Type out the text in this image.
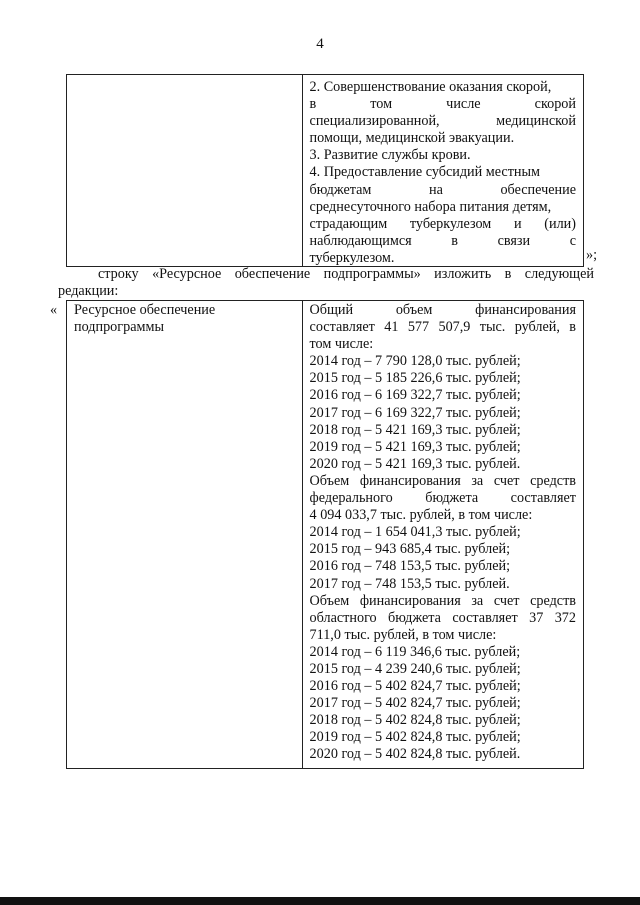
4
2. Совершенствование оказания скорой,
в том числе скорой
специализированной, медицинской
помощи, медицинской эвакуации.
3. Развитие службы крови.
4. Предоставление субсидий местным
бюджетам на обеспечение
среднесуточного набора питания детям,
страдающим туберкулезом и (или)
наблюдающимся в связи с
туберкулезом.	»;
строку «Ресурсное обеспечение подпрограммы» изложить в следующей
редакции:
« Ресурсное обеспечение
подпрограммы
Общий объем финансирования
составляет 41 577 507,9 тыс. рублей, в
том числе:
2014 год – 7 790 128,0 тыс. рублей;
2015 год – 5 185 226,6 тыс. рублей;
2016 год – 6 169 322,7 тыс. рублей;
2017 год – 6 169 322,7 тыс. рублей;
2018 год – 5 421 169,3 тыс. рублей;
2019 год – 5 421 169,3 тыс. рублей;
2020 год – 5 421 169,3 тыс. рублей.
Объем финансирования за счет средств
федерального бюджета составляет
4 094 033,7 тыс. рублей, в том числе:
2014 год – 1 654 041,3 тыс. рублей;
2015 год – 943 685,4 тыс. рублей;
2016 год – 748 153,5 тыс. рублей;
2017 год – 748 153,5 тыс. рублей.
Объем финансирования за счет средств
областного бюджета составляет 37 372
711,0 тыс. рублей, в том числе:
2014 год – 6 119 346,6 тыс. рублей;
2015 год – 4 239 240,6 тыс. рублей;
2016 год – 5 402 824,7 тыс. рублей;
2017 год – 5 402 824,7 тыс. рублей;
2018 год – 5 402 824,8 тыс. рублей;
2019 год – 5 402 824,8 тыс. рублей;
2020 год – 5 402 824,8 тыс. рублей.
